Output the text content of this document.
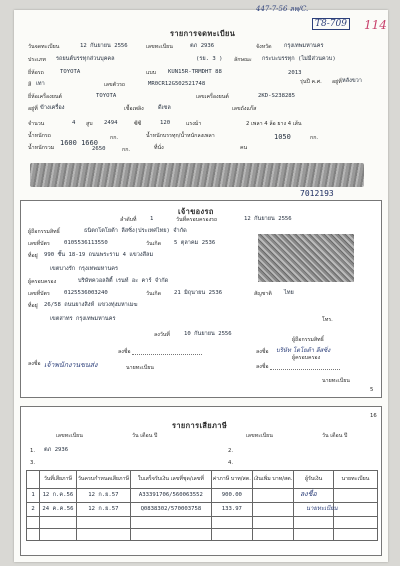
447-7-56 ลพ/C.
T8-709 114
รายการจดทะเบียน
วันจดทะเบียน	12 กันยายน 2556	เลขทะเบียน	ตภ 2936	จังหวัด กรุงเทพมหานคร
ประเภท รถยนต์บรรทุกส่วนบุคคล	(รย. 3 ) ลักษณะ กระบะบรรทุก (ไม่มีส่วนควบ)
ยี่ห้อรถ	TOYOTA	แบบ KUN15R-TRMDHT 88
รุ่นปี ค.ศ.
2013
สี เทา	เลขตัวรถ	MR0CR12G502521748	อยู่ที่ หลังขวา
ยี่ห้อเครื่องยนต์	TOYOTA	เลขเครื่องยนต์	2KD-S238285
อยู่ที่ ข้างเครื่อง	เชื้อเพลิง	ดีเซล	เลขถังแก๊ส
จำนวน	4 สูบ 2494	ซีซี	120	แรงม้า	2 เพลา 4 ล้อ ยาง 4 เส้น
น้ำหนักรถ
1600 1660
กก.	น้ำหนักบรรทุก/น้ำหนักลงเพลา	1050	กก.
น้ำหนักรวม	2650	กก.	ที่นั่ง	คน
7012193
เจ้าของรถ
ลำดับที่ 1	วันที่ครอบครองรถ	12 กันยายน 2556
ผู้ถือกรรมสิทธิ์	ธนิตกโตโยต้า ลีสซิ่ง(ประเทศไทย) จำกัด
เลขที่บัตร	0105536113550	วันเกิด 5 ตุลาคม 2536
ที่อยู่ 990 ชั้น 18-19 ถนนพระราม 4 แขวงสีลม
เขตบางรัก กรุงเทพมหานคร
ผู้ครอบครอง	บริษัทควอลลิตี้ เรนท์ อะ คาร์ จำกัด
เลขที่บัตร	0125536003240	วันเกิด 21 มิถุนายน 2536	สัญชาติ ไทย
ที่อยู่ 26/58 ถนนยางสิงห์ แขวงทุ่งมหาเมฆ
เขตสาทร กรุงเทพมหานคร	โทร.
ลงวันที่	10 กันยายน 2556
ผู้ถือกรรมสิทธิ์
ลงชื่อ	ลงชื่อ บริษัท โตโยต้า ลีสซิ่ง
ผู้ครอบครอง
ลงชื่อ เจ้าพนักงานขนส่ง	ลงชื่อ
นายทะเบียน
นายทะเบียน
5
16
รายการเสียภาษี
เลขทะเบียน	วัน เดือน ปี	เลขทะเบียน	วัน เดือน ปี
1. ตภ 2936	2.
3.	4.
	วันที่เสียภาษี	วันครบกำหนดเสียภาษี	ใบเสร็จรับเงิน เลขที่ชุด/เลขที่	ค่าภาษี บาท/สต.	เงินเพิ่ม บาท/สต.	ผู้รับเงิน	นายทะเบียน
1	12 ก.ค.56	12 ก.ย.57	A33391706/560063552	900.00			
2	24 ค.ค.56	12 ก.ย.57	Q0838302/570003758	133.97			

ลงชื่อ
นายทะเบียน
